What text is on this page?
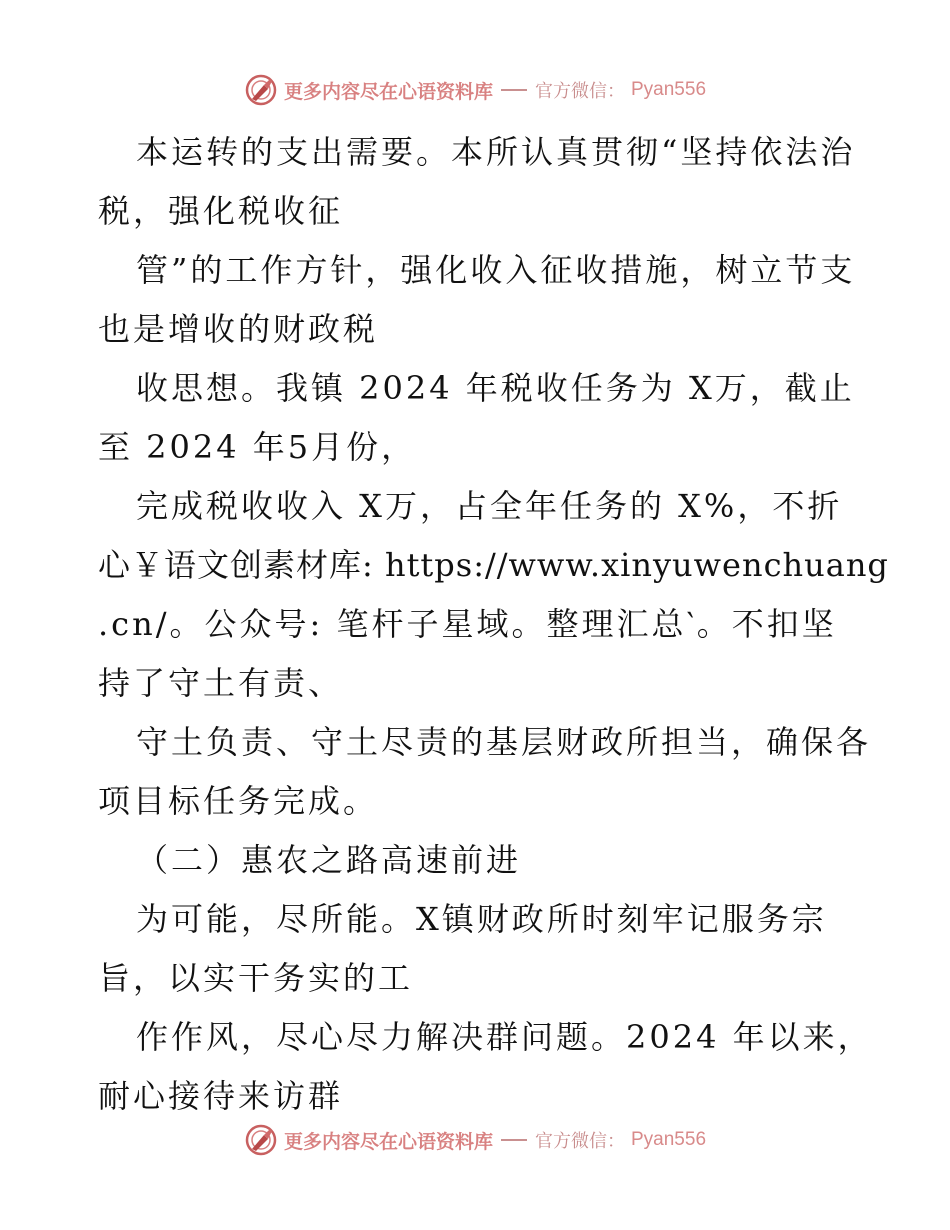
更多内容尽在心语资料库 官方微信： Pyan556
本运转的支出需要。本所认真贯彻“坚持依法治
税，强化税收征
管”的工作方针，强化收入征收措施，树立节支
也是增收的财政税
收思想。我镇 2024 年税收任务为 X万，截止
至 2024 年5月份，
完成税收收入 X万，占全年任务的 X%，不折
心￥语文创素材库: https://www.xinyuwenchuang
.cn/。公众号: 笔杆子星域。整理汇总‵。不扣坚
持了守土有责、
守土负责、守土尽责的基层财政所担当，确保各
项目标任务完成。
（二）惠农之路高速前进
为可能，尽所能。X镇财政所时刻牢记服务宗
旨，以实干务实的工
作作风，尽心尽力解决群问题。2024 年以来，
耐心接待来访群
更多内容尽在心语资料库 官方微信： Pyan556
